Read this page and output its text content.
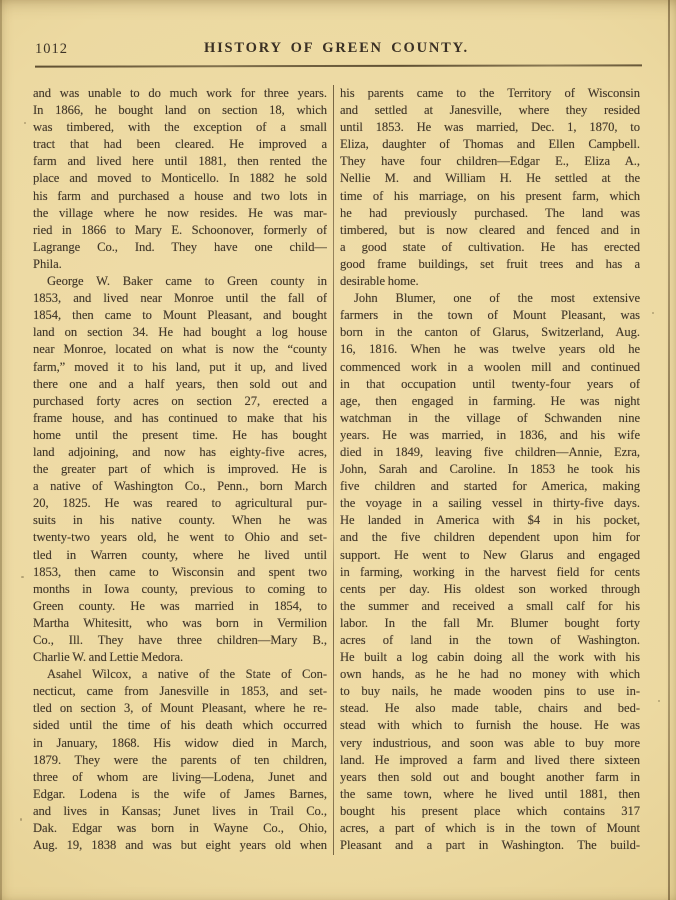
1012	HISTORY OF GREEN COUNTY.
and was unable to do much work for three years.
In 1866, he bought land on section 18, which
was timbered, with the exception of a small
tract that had been cleared. He improved a
farm and lived here until 1881, then rented the
place and moved to Monticello. In 1882 he sold
his farm and purchased a house and two lots in
the village where he now resides. He was mar-
ried in 1866 to Mary E. Schoonover, formerly of
Lagrange Co., Ind. They have one child—
Phila.
George W. Baker came to Green county in
1853, and lived near Monroe until the fall of
1854, then came to Mount Pleasant, and bought
land on section 34. He had bought a log house
near Monroe, located on what is now the “county
farm,” moved it to his land, put it up, and lived
there one and a half years, then sold out and
purchased forty acres on section 27, erected a
frame house, and has continued to make that his
home until the present time. He has bought
land adjoining, and now has eighty-five acres,
the greater part of which is improved. He is
a native of Washington Co., Penn., born March
20, 1825. He was reared to agricultural pur-
suits in his native county. When he was
twenty-two years old, he went to Ohio and set-
tled in Warren county, where he lived until
1853, then came to Wisconsin and spent two
months in Iowa county, previous to coming to
Green county. He was married in 1854, to
Martha Whitesitt, who was born in Vermilion
Co., Ill. They have three children—Mary B.,
Charlie W. and Lettie Medora.
Asahel Wilcox, a native of the State of Con-
necticut, came from Janesville in 1853, and set-
tled on section 3, of Mount Pleasant, where he re-
sided until the time of his death which occurred
in January, 1868. His widow died in March,
1879. They were the parents of ten children,
three of whom are living—Lodena, Junet and
Edgar. Lodena is the wife of James Barnes,
and lives in Kansas; Junet lives in Trail Co.,
Dak. Edgar was born in Wayne Co., Ohio,
Aug. 19, 1838 and was but eight years old when
his parents came to the Territory of Wisconsin
and settled at Janesville, where they resided
until 1853. He was married, Dec. 1, 1870, to
Eliza, daughter of Thomas and Ellen Campbell.
They have four children—Edgar E., Eliza A.,
Nellie M. and William H. He settled at the
time of his marriage, on his present farm, which
he had previously purchased. The land was
timbered, but is now cleared and fenced and in
a good state of cultivation. He has erected
good frame buildings, set fruit trees and has a
desirable home.
John Blumer, one of the most extensive
farmers in the town of Mount Pleasant, was
born in the canton of Glarus, Switzerland, Aug.
16, 1816. When he was twelve years old he
commenced work in a woolen mill and continued
in that occupation until twenty-four years of
age, then engaged in farming. He was night
watchman in the village of Schwanden nine
years. He was married, in 1836, and his wife
died in 1849, leaving five children—Annie, Ezra,
John, Sarah and Caroline. In 1853 he took his
five children and started for America, making
the voyage in a sailing vessel in thirty-five days.
He landed in America with $4 in his pocket,
and the five children dependent upon him for
support. He went to New Glarus and engaged
in farming, working in the harvest field for cents
cents per day. His oldest son worked through
the summer and received a small calf for his
labor. In the fall Mr. Blumer bought forty
acres of land in the town of Washington.
He built a log cabin doing all the work with his
own hands, as he he had no money with which
to buy nails, he made wooden pins to use in-
stead. He also made table, chairs and bed-
stead with which to furnish the house. He was
very industrious, and soon was able to buy more
land. He improved a farm and lived there sixteen
years then sold out and bought another farm in
the same town, where he lived until 1881, then
bought his present place which contains 317
acres, a part of which is in the town of Mount
Pleasant and a part in Washington. The build-
